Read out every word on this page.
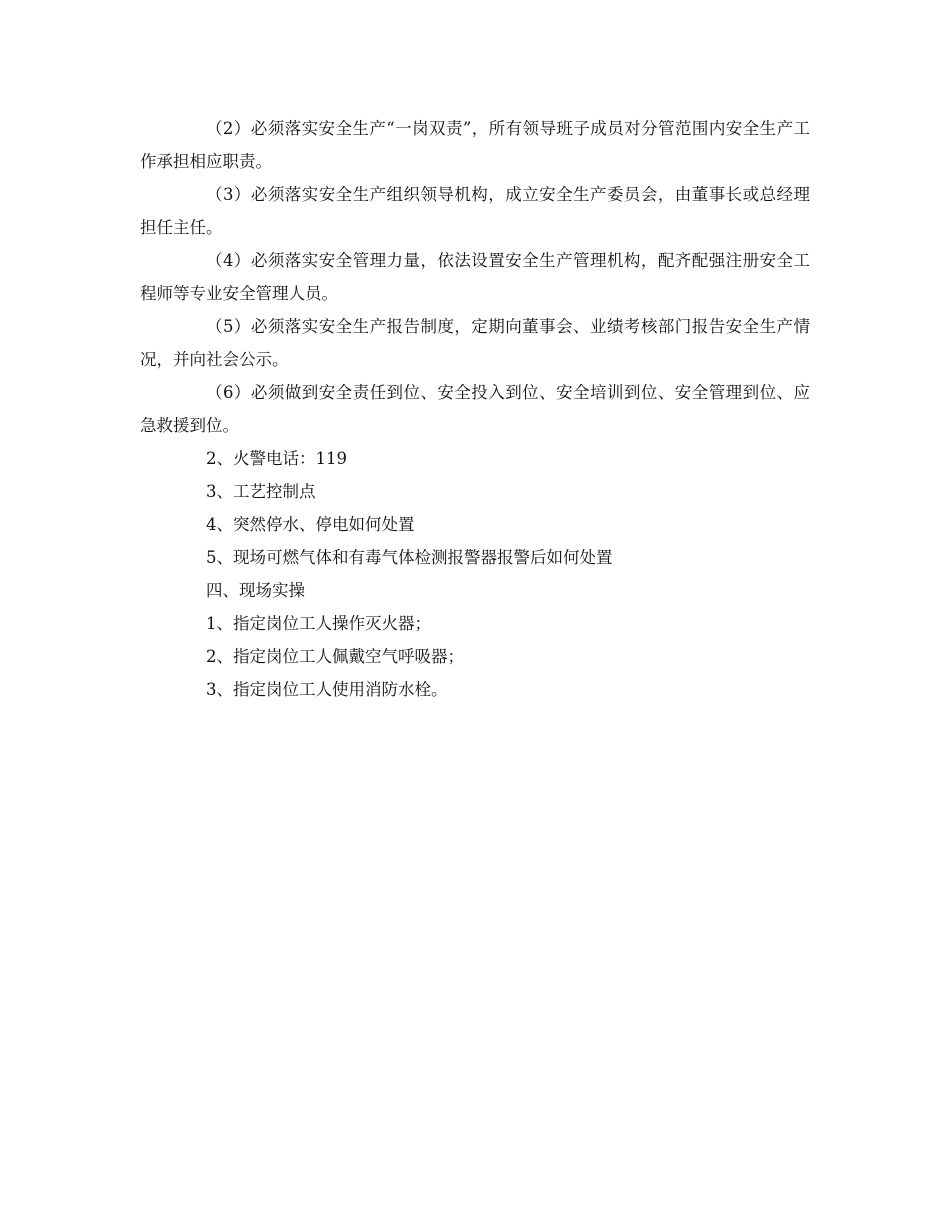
（2）必须落实安全生产“一岗双责”，所有领导班子成员对分管范围内安全生产工作承担相应职责。
（3）必须落实安全生产组织领导机构，成立安全生产委员会，由董事长或总经理担任主任。
（4）必须落实安全管理力量，依法设置安全生产管理机构，配齐配强注册安全工程师等专业安全管理人员。
（5）必须落实安全生产报告制度，定期向董事会、业绩考核部门报告安全生产情况，并向社会公示。
（6）必须做到安全责任到位、安全投入到位、安全培训到位、安全管理到位、应急救援到位。

2、火警电话：119

3、工艺控制点

4、突然停水、停电如何处置

5、现场可燃气体和有毒气体检测报警器报警后如何处置

四、现场实操

1、指定岗位工人操作灭火器；

2、指定岗位工人佩戴空气呼吸器；

3、指定岗位工人使用消防水栓。
